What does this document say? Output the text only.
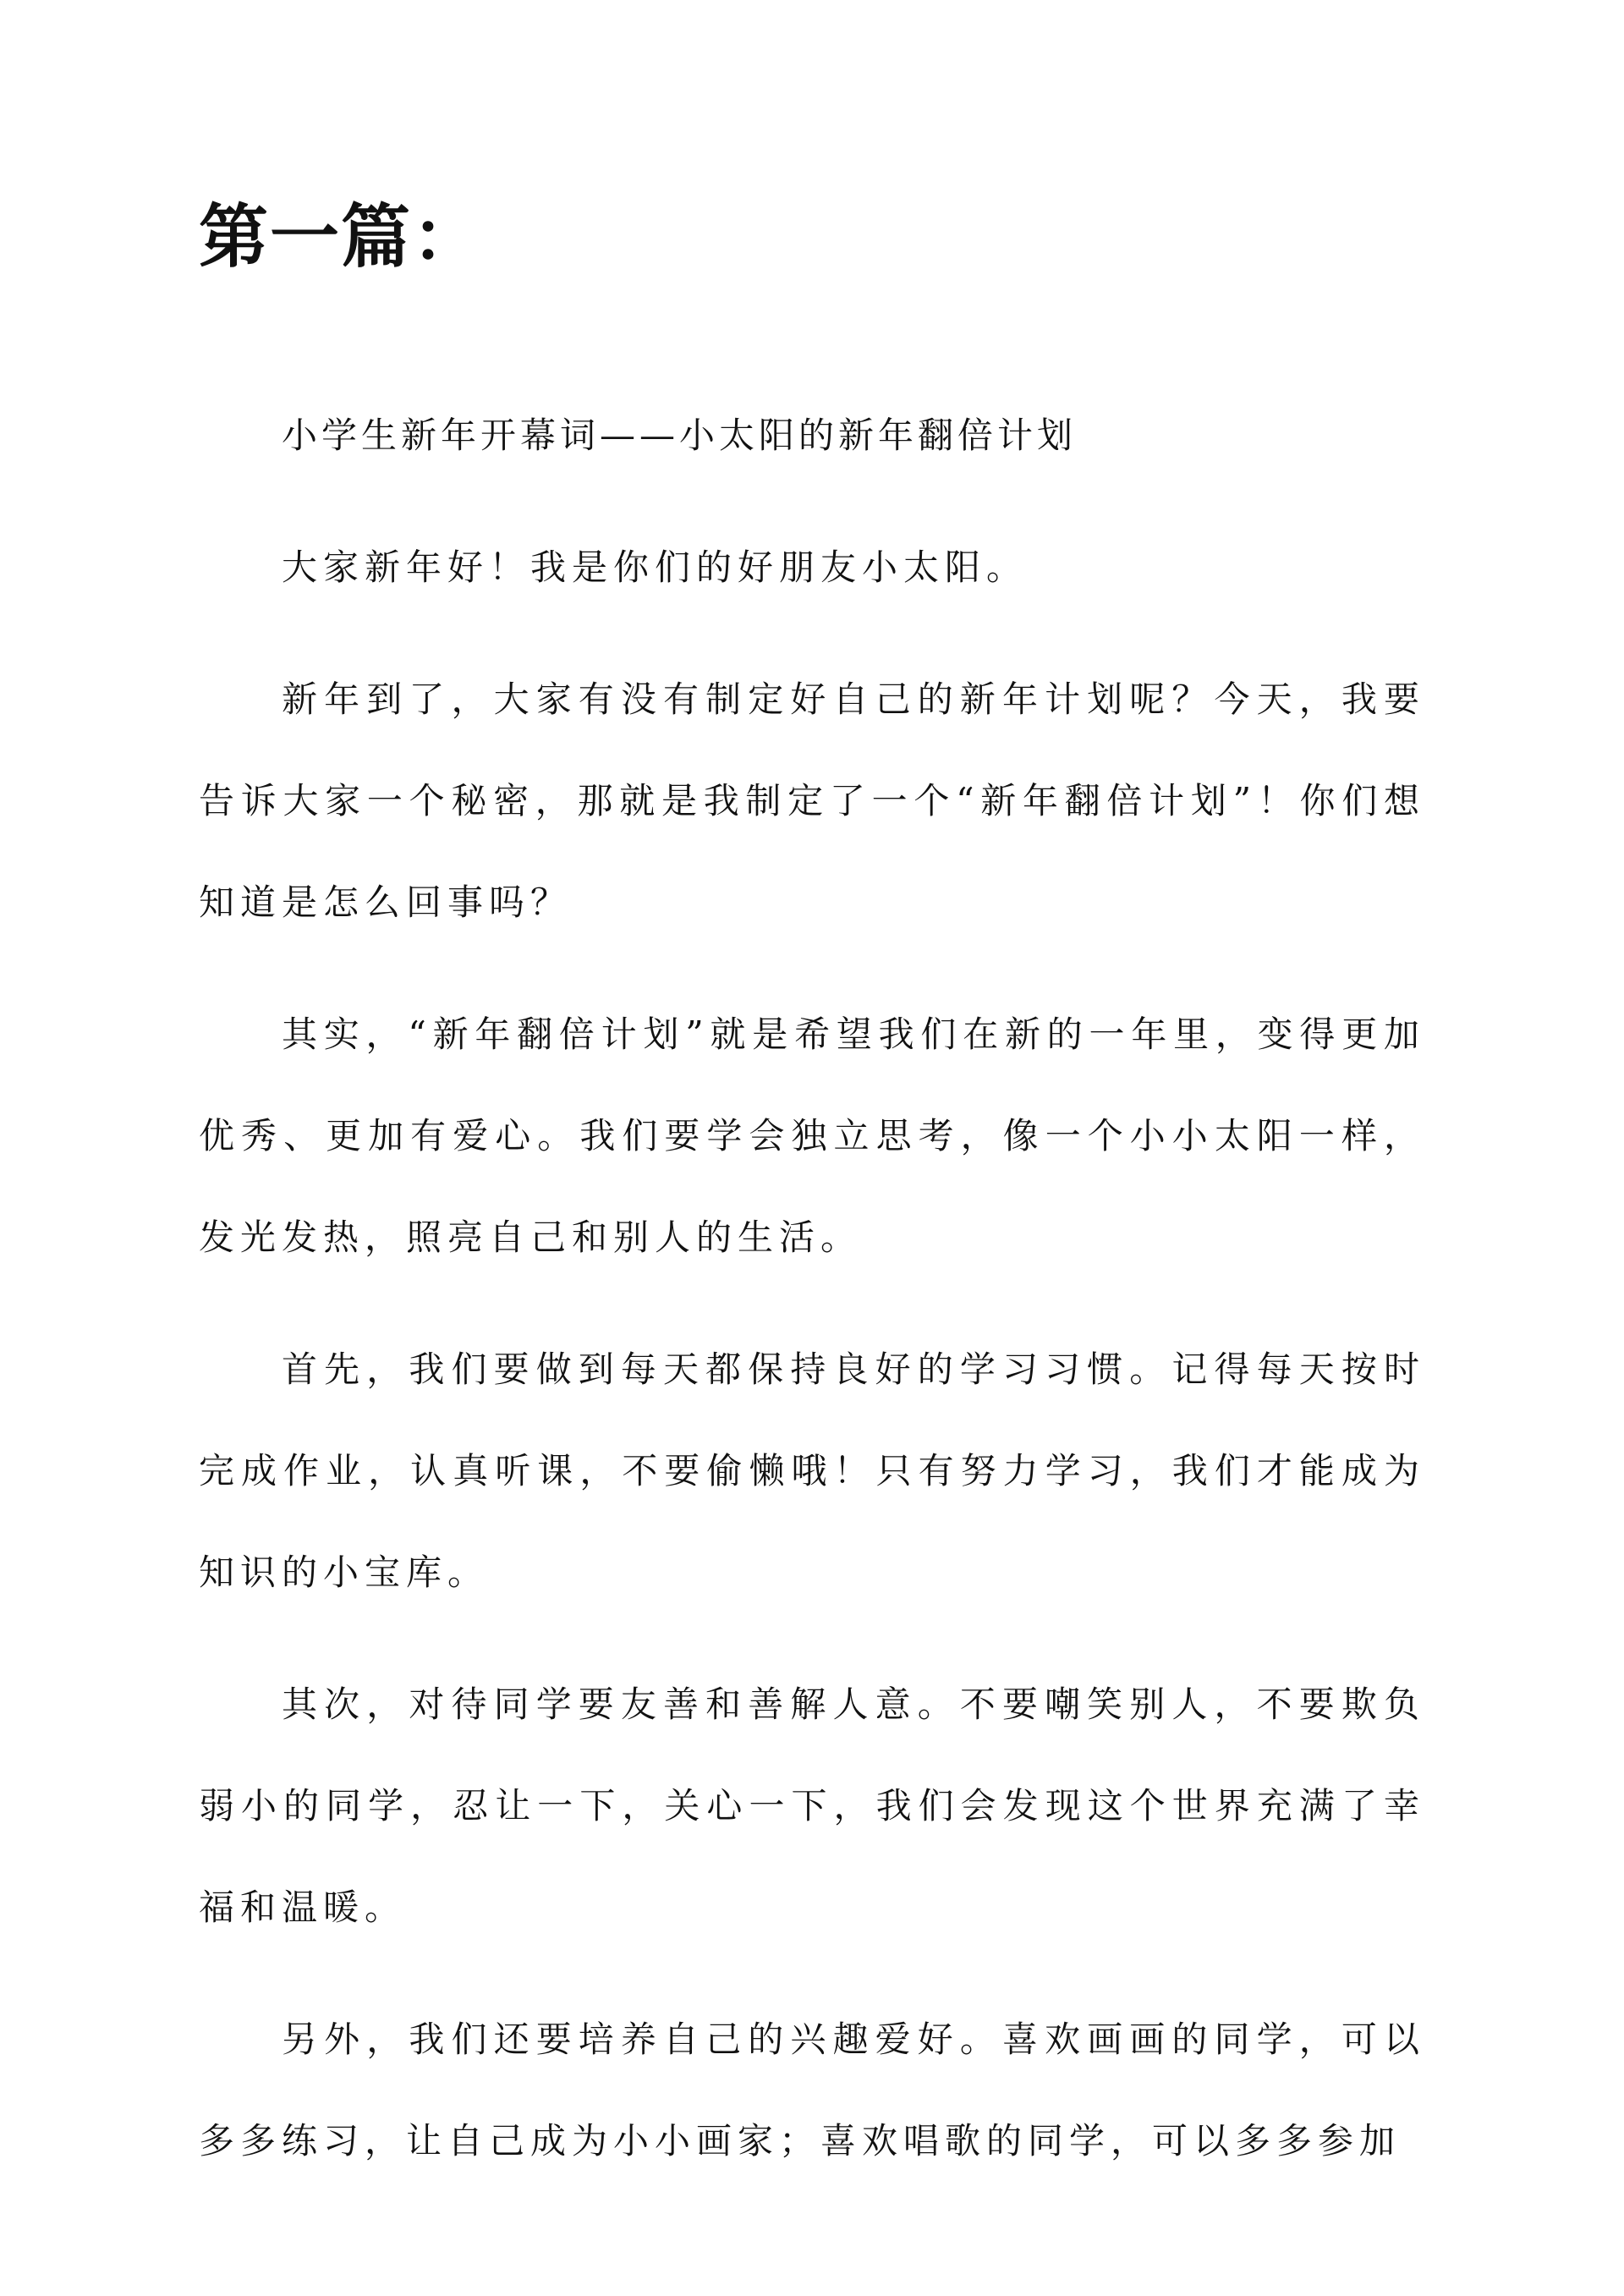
第一篇：

小学生新年开幕词——小太阳的新年翻倍计划

大家新年好！我是你们的好朋友小太阳。

新年到了，大家有没有制定好自己的新年计划呢？今天，我要告诉大家一个秘密，那就是我制定了一个“新年翻倍计划”！你们想知道是怎么回事吗？

其实，“新年翻倍计划”就是希望我们在新的一年里，变得更加优秀、更加有爱心。我们要学会独立思考，像一个小小太阳一样，发光发热，照亮自己和别人的生活。

首先，我们要做到每天都保持良好的学习习惯。记得每天按时完成作业，认真听课，不要偷懒哦！只有努力学习，我们才能成为知识的小宝库。

其次，对待同学要友善和善解人意。不要嘲笑别人，不要欺负弱小的同学，忍让一下，关心一下，我们会发现这个世界充满了幸福和温暖。

另外，我们还要培养自己的兴趣爱好。喜欢画画的同学，可以多多练习，让自己成为小小画家；喜欢唱歌的同学，可以多多参加
